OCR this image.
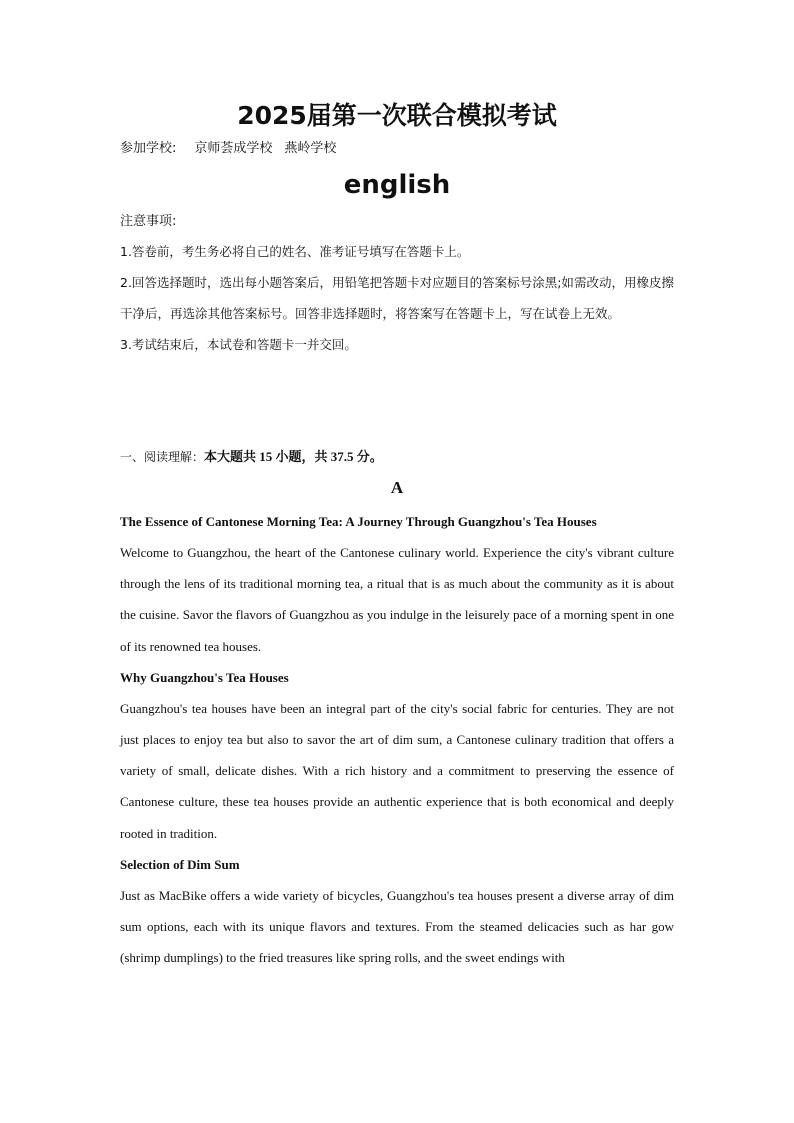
2025届第一次联合模拟考试

参加学校: 京师荟成学校 燕岭学校

english

注意事项:

1.答卷前，考生务必将自己的姓名、准考证号填写在答题卡上。

2.回答选择题时，选出每小题答案后，用铅笔把答题卡对应题目的答案标号涂黑;如需改动，用橡皮擦干净后，再选涂其他答案标号。回答非选择题时，将答案写在答题卡上，写在试卷上无效。

3.考试结束后，本试卷和答题卡一并交回。

一、阅读理解：本大题共 15 小题，共 37.5 分。

A

The Essence of Cantonese Morning Tea: A Journey Through Guangzhou's Tea Houses

Welcome to Guangzhou, the heart of the Cantonese culinary world. Experience the city's vibrant culture through the lens of its traditional morning tea, a ritual that is as much about the community as it is about the cuisine. Savor the flavors of Guangzhou as you indulge in the leisurely pace of a morning spent in one of its renowned tea houses.

Why Guangzhou's Tea Houses

Guangzhou's tea houses have been an integral part of the city's social fabric for centuries. They are not just places to enjoy tea but also to savor the art of dim sum, a Cantonese culinary tradition that offers a variety of small, delicate dishes. With a rich history and a commitment to preserving the essence of Cantonese culture, these tea houses provide an authentic experience that is both economical and deeply rooted in tradition.

Selection of Dim Sum

Just as MacBike offers a wide variety of bicycles, Guangzhou's tea houses present a diverse array of dim sum options, each with its unique flavors and textures. From the steamed delicacies such as har gow (shrimp dumplings) to the fried treasures like spring rolls, and the sweet endings with
